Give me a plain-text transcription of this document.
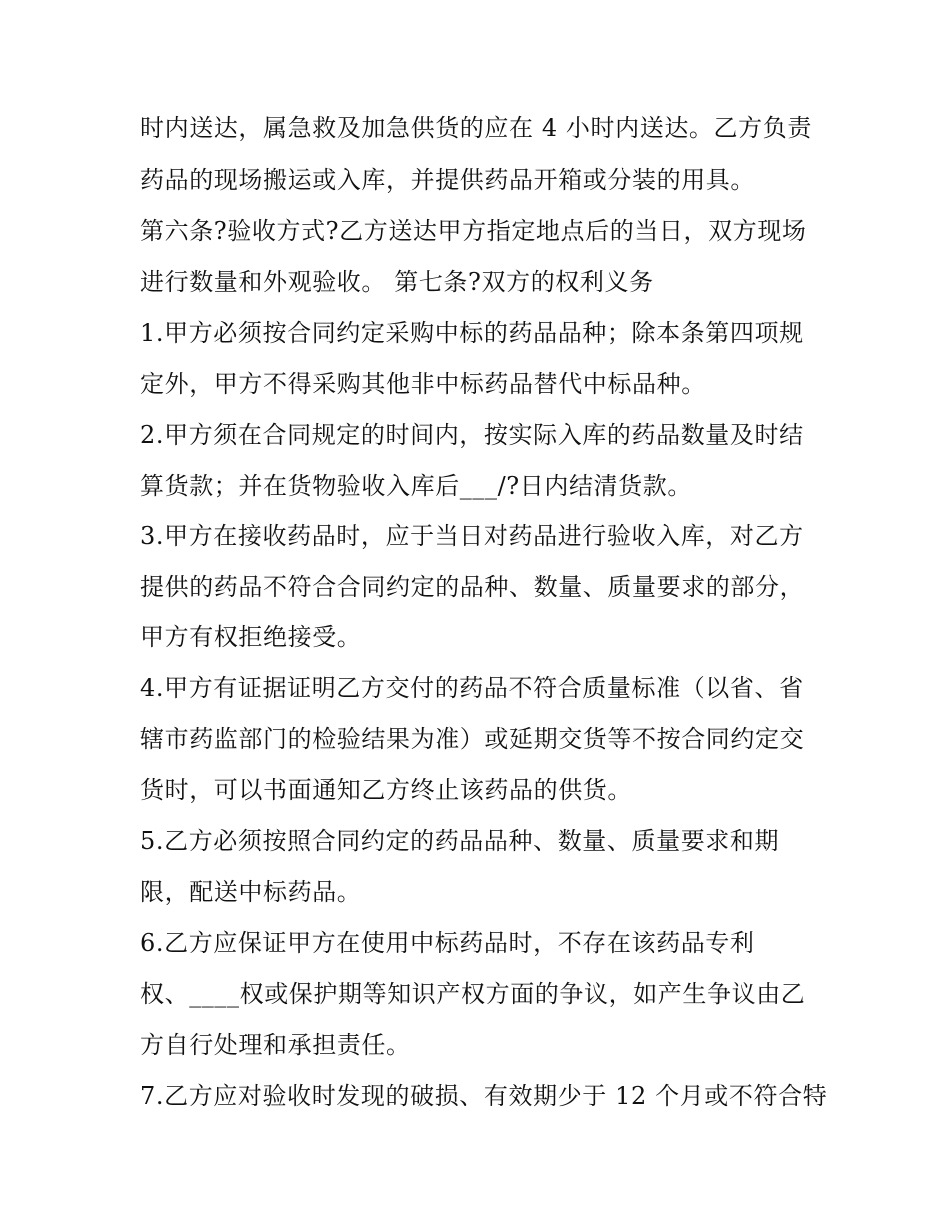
时内送达，属急救及加急供货的应在 4 小时内送达。乙方负责
药品的现场搬运或入库，并提供药品开箱或分装的用具。
第六条?验收方式?乙方送达甲方指定地点后的当日，双方现场
进行数量和外观验收。 第七条?双方的权利义务
1.甲方必须按合同约定采购中标的药品品种；除本条第四项规
定外，甲方不得采购其他非中标药品替代中标品种。
2.甲方须在合同规定的时间内，按实际入库的药品数量及时结
算货款；并在货物验收入库后___/?日内结清货款。
3.甲方在接收药品时，应于当日对药品进行验收入库，对乙方
提供的药品不符合合同约定的品种、数量、质量要求的部分，
甲方有权拒绝接受。
4.甲方有证据证明乙方交付的药品不符合质量标准（以省、省
辖市药监部门的检验结果为准）或延期交货等不按合同约定交
货时，可以书面通知乙方终止该药品的供货。
5.乙方必须按照合同约定的药品品种、数量、质量要求和期
限，配送中标药品。
6.乙方应保证甲方在使用中标药品时，不存在该药品专利
权、____权或保护期等知识产权方面的争议，如产生争议由乙
方自行处理和承担责任。
7.乙方应对验收时发现的破损、有效期少于 12 个月或不符合特
